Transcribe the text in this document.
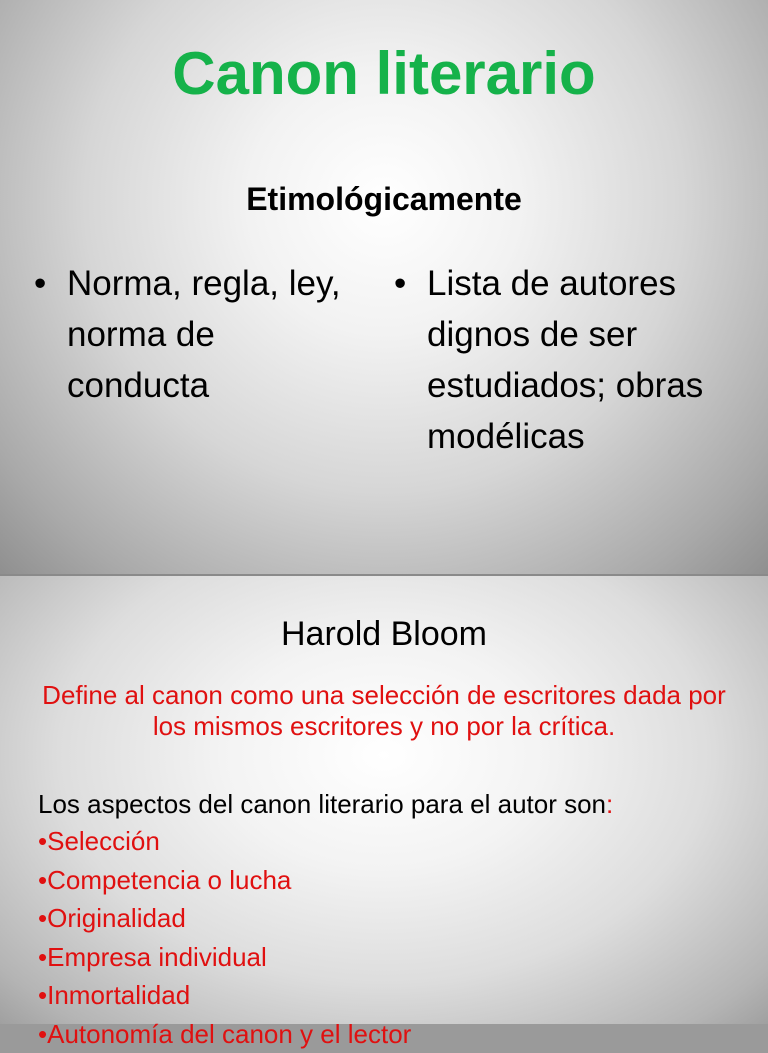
Canon literario
Etimológicamente
• Norma, regla, ley, norma de conducta
• Lista de autores dignos de ser estudiados; obras modélicas
Harold Bloom
Define al canon como una selección de escritores dada por los mismos escritores y no por la crítica.
Los aspectos del canon literario para el autor son:
•Selección
•Competencia o lucha
•Originalidad
•Empresa individual
•Inmortalidad
•Autonomía del canon y el lector
